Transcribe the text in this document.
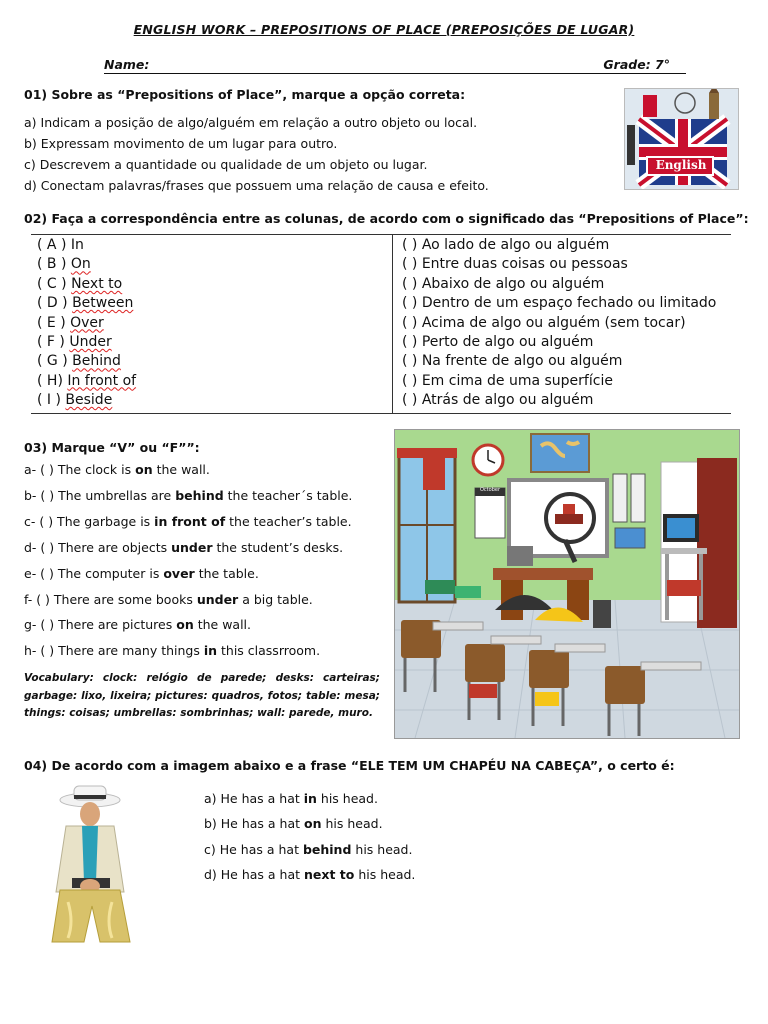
ENGLISH WORK – PREPOSITIONS OF PLACE (PREPOSIÇÕES DE LUGAR)
Name:	Grade: 7°
01) Sobre as “Prepositions of Place”, marque a opção correta:
a) Indicam a posição de algo/alguém em relação a outro objeto ou local.
b) Expressam movimento de um lugar para outro.
c) Descrevem a quantidade ou qualidade de um objeto ou lugar.
d) Conectam palavras/frases que possuem uma relação de causa e efeito.
English
02) Faça a correspondência entre as colunas, de acordo com o significado das “Prepositions of Place”:
( A ) In
( B ) On
( C ) Next to
( D ) Between
( E ) Over
( F ) Under
( G ) Behind
( H) In front of
( I ) Beside
( ) Ao lado de algo ou alguém
( ) Entre duas coisas ou pessoas
( ) Abaixo de algo ou alguém
( ) Dentro de um espaço fechado ou limitado
( ) Acima de algo ou alguém (sem tocar)
( ) Perto de algo ou alguém
( ) Na frente de algo ou alguém
( ) Em cima de uma superfície
( ) Atrás de algo ou alguém
03) Marque “V” ou “F””:
a- ( ) The clock is on the wall.
b- ( ) The umbrellas are behind the teacher´s table.
c- ( ) The garbage is in front of the teacher’s table.
d- ( ) There are objects under the student’s desks.
e- ( ) The computer is over the table.
f- ( ) There are some books under a big table.
g- ( ) There are pictures on the wall.
h- ( ) There are many things in this classrroom.
Vocabulary: clock: relógio de parede; desks: carteiras; garbage: lixo, lixeira; pictures: quadros, fotos; table: mesa; things: coisas; umbrellas: sombrinhas; wall: parede, muro.
October
04) De acordo com a imagem abaixo e a frase “ELE TEM UM CHAPÉU NA CABEÇA”, o certo é:
a) He has a hat in his head.
b) He has a hat on his head.
c) He has a hat behind his head.
d) He has a hat next to his head.
